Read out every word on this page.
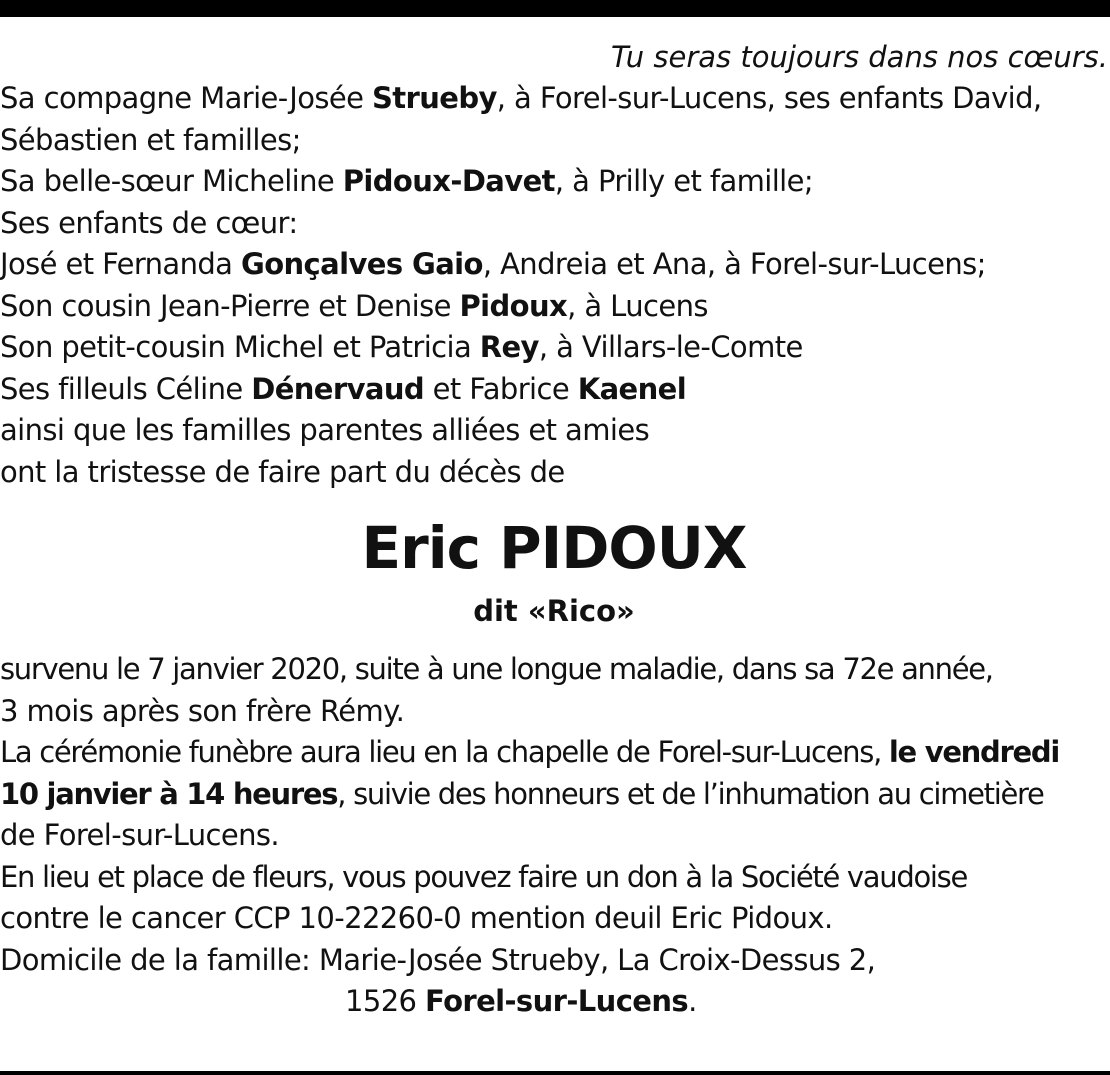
Tu seras toujours dans nos cœurs.
Sa compagne Marie-Josée Strueby, à Forel-sur-Lucens, ses enfants David,
Sébastien et familles;
Sa belle-sœur Micheline Pidoux-Davet, à Prilly et famille;
Ses enfants de cœur:
José et Fernanda Gonçalves Gaio, Andreia et Ana, à Forel-sur-Lucens;
Son cousin Jean-Pierre et Denise Pidoux, à Lucens
Son petit-cousin Michel et Patricia Rey, à Villars-le-Comte
Ses filleuls Céline Dénervaud et Fabrice Kaenel
ainsi que les familles parentes alliées et amies
ont la tristesse de faire part du décès de
Eric PIDOUX
dit «Rico»
survenu le 7 janvier 2020, suite à une longue maladie, dans sa 72e année,
3 mois après son frère Rémy.
La cérémonie funèbre aura lieu en la chapelle de Forel-sur-Lucens, le vendredi
10 janvier à 14 heures, suivie des honneurs et de l’inhumation au cimetière
de Forel-sur-Lucens.
En lieu et place de fleurs, vous pouvez faire un don à la Société vaudoise
contre le cancer CCP 10-22260-0 mention deuil Eric Pidoux.
Domicile de la famille: Marie-Josée Strueby, La Croix-Dessus 2,
1526 Forel-sur-Lucens.
